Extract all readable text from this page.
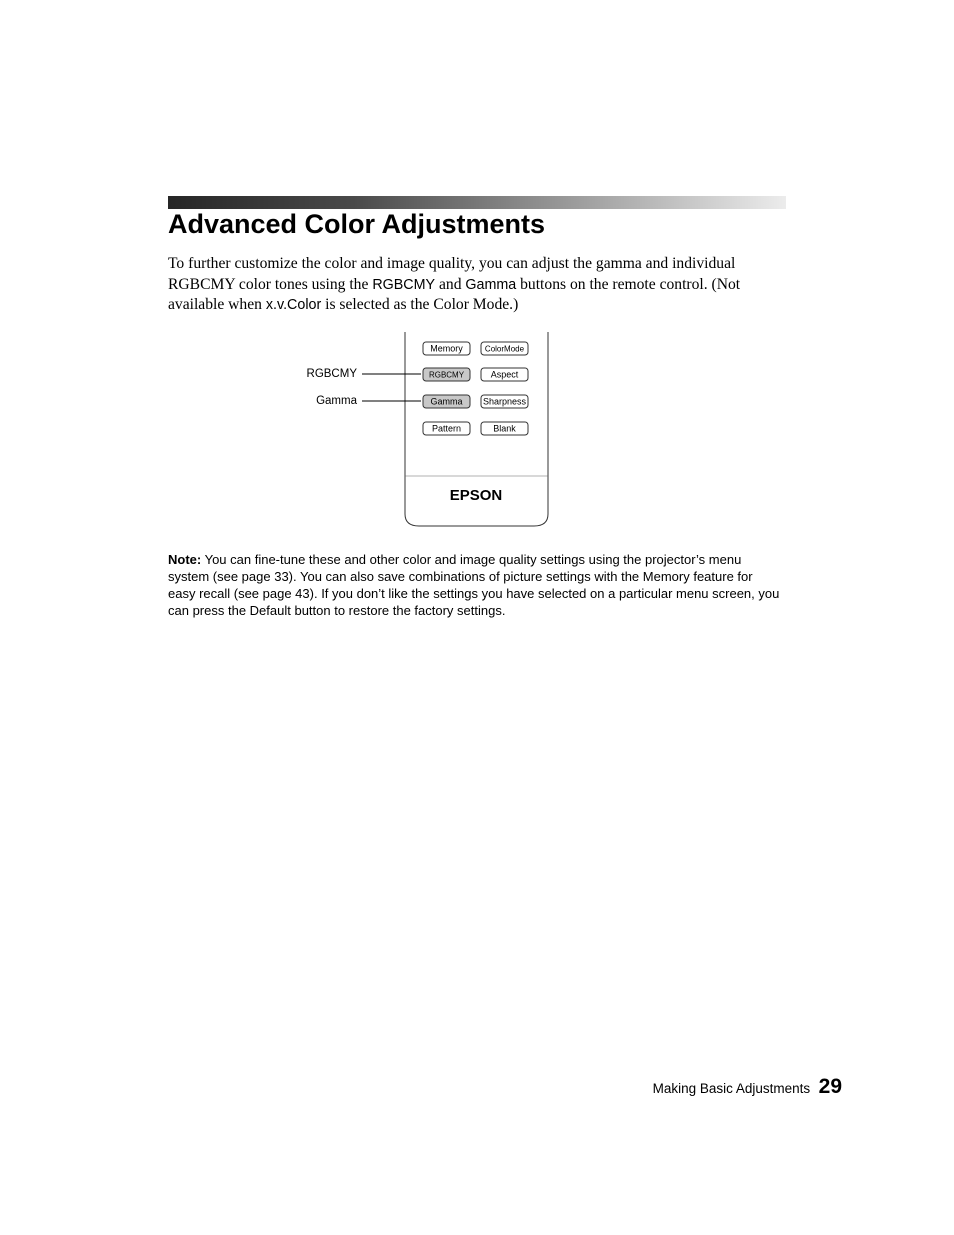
Advanced Color Adjustments

To further customize the color and image quality, you can adjust the gamma and individual RGBCMY color tones using the RGBCMY and Gamma buttons on the remote control. (Not available when x.v.Color is selected as the Color Mode.)

RGBCMY
Gamma
Memory	ColorMode
RGBCMY	Aspect
Gamma Sharpness
Pattern	Blank
EPSON

Note: You can fine-tune these and other color and image quality settings using the projector’s menu system (see page 33). You can also save combinations of picture settings with the Memory feature for easy recall (see page 43). If you don’t like the settings you have selected on a particular menu screen, you can press the Default button to restore the factory settings.

Making Basic Adjustments 29
